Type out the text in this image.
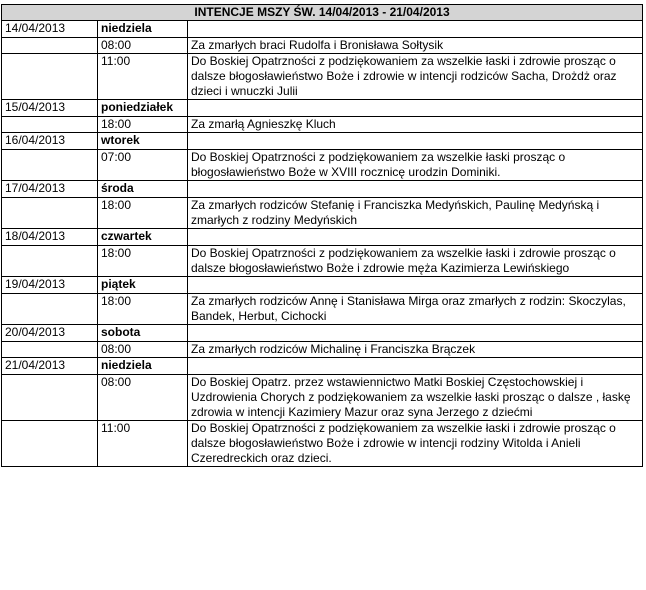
INTENCJE MSZY ŚW. 14/04/2013 - 21/04/2013		
14/04/2013	niedziela	
	08:00	Za zmarłych braci Rudolfa i Bronisława Sołtysik
	11:00	Do Boskiej Opatrzności z podziękowaniem za wszelkie łaski i zdrowie prosząc o dalsze błogosławieństwo Boże i zdrowie w intencji rodziców Sacha, Drożdż oraz dzieci i wnuczki Julii
15/04/2013	poniedziałek	
	18:00	Za zmarłą Agnieszkę Kluch
16/04/2013	wtorek	
	07:00	Do Boskiej Opatrzności z podziękowaniem za wszelkie łaski prosząc o błogosławieństwo Boże w XVIII rocznicę urodzin Dominiki.
17/04/2013	środa	
	18:00	Za zmarłych rodziców Stefanię i Franciszka Medyńskich, Paulinę Medyńską i zmarłych z rodziny Medyńskich
18/04/2013	czwartek	
	18:00	Do Boskiej Opatrzności z podziękowaniem za wszelkie łaski i zdrowie prosząc o dalsze błogosławieństwo Boże i zdrowie męża Kazimierza Lewińskiego
19/04/2013	piątek	
	18:00	Za zmarłych rodziców Annę i Stanisława Mirga oraz zmarłych z rodzin: Skoczylas, Bandek, Herbut, Cichocki
20/04/2013	sobota	
	08:00	Za zmarłych rodziców Michalinę i Franciszka Brączek
21/04/2013	niedziela	
	08:00	Do Boskiej Opatrz. przez wstawiennictwo Matki Boskiej Częstochowskiej i Uzdrowienia Chorych z podziękowaniem za wszelkie łaski prosząc o dalsze , łaskę zdrowia w intencji Kazimiery Mazur oraz syna Jerzego z dziećmi
	11:00	Do Boskiej Opatrzności z podziękowaniem za wszelkie łaski i zdrowie prosząc o dalsze błogosławieństwo Boże i zdrowie w intencji rodziny Witolda i Anieli Czeredreckich oraz dzieci.
